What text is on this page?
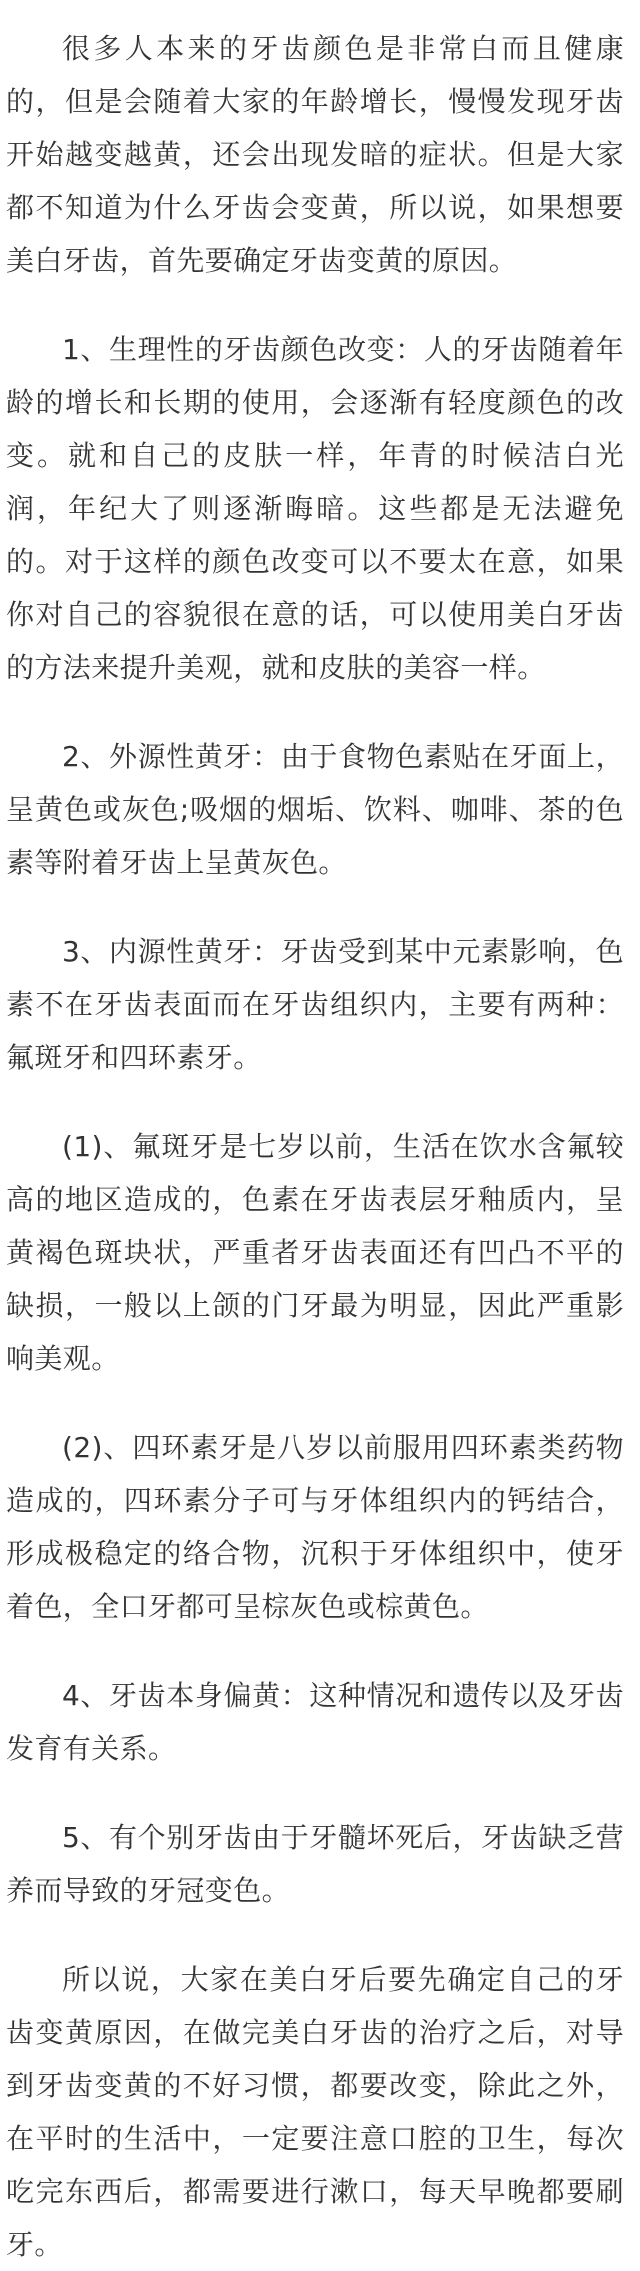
很多人本来的牙齿颜色是非常白而且健康的，但是会随着大家的年龄增长，慢慢发现牙齿开始越变越黄，还会出现发暗的症状。但是大家都不知道为什么牙齿会变黄，所以说，如果想要美白牙齿，首先要确定牙齿变黄的原因。

1、生理性的牙齿颜色改变：人的牙齿随着年龄的增长和长期的使用，会逐渐有轻度颜色的改变。就和自己的皮肤一样，年青的时候洁白光润，年纪大了则逐渐晦暗。这些都是无法避免的。对于这样的颜色改变可以不要太在意，如果你对自己的容貌很在意的话，可以使用美白牙齿的方法来提升美观，就和皮肤的美容一样。

2、外源性黄牙：由于食物色素贴在牙面上，呈黄色或灰色;吸烟的烟垢、饮料、咖啡、茶的色素等附着牙齿上呈黄灰色。

3、内源性黄牙：牙齿受到某中元素影响，色素不在牙齿表面而在牙齿组织内，主要有两种：氟斑牙和四环素牙。

(1)、氟斑牙是七岁以前，生活在饮水含氟较高的地区造成的，色素在牙齿表层牙釉质内，呈黄褐色斑块状，严重者牙齿表面还有凹凸不平的缺损，一般以上颌的门牙最为明显，因此严重影响美观。

(2)、四环素牙是八岁以前服用四环素类药物造成的，四环素分子可与牙体组织内的钙结合，形成极稳定的络合物，沉积于牙体组织中，使牙着色，全口牙都可呈棕灰色或棕黄色。

4、牙齿本身偏黄：这种情况和遗传以及牙齿发育有关系。

5、有个别牙齿由于牙髓坏死后，牙齿缺乏营养而导致的牙冠变色。

所以说，大家在美白牙后要先确定自己的牙齿变黄原因，在做完美白牙齿的治疗之后，对导到牙齿变黄的不好习惯，都要改变，除此之外，在平时的生活中，一定要注意口腔的卫生，每次吃完东西后，都需要进行漱口，每天早晚都要刷牙。
